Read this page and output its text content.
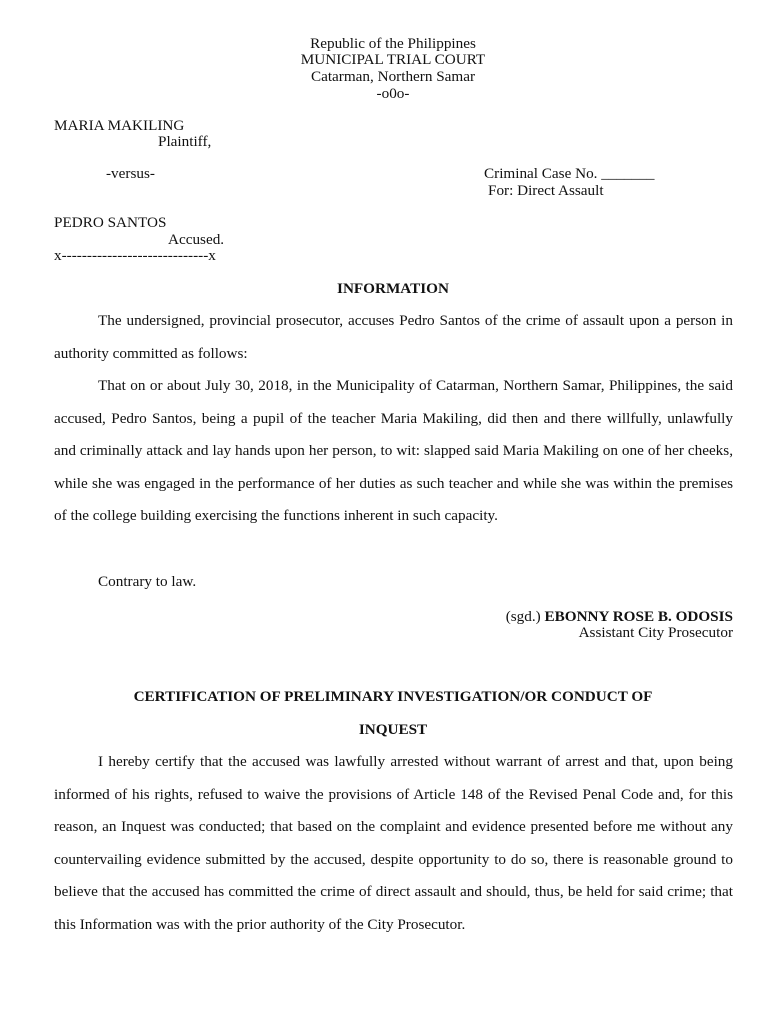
Republic of the Philippines
MUNICIPAL TRIAL COURT
Catarman, Northern Samar
-o0o-
MARIA MAKILING
Plaintiff,
-versus-	Criminal Case No. _______
For: Direct Assault
PEDRO SANTOS
Accused.
x-----------------------------x
INFORMATION

The undersigned, provincial prosecutor, accuses Pedro Santos of the crime of assault upon a person in authority committed as follows:

That on or about July 30, 2018, in the Municipality of Catarman, Northern Samar, Philippines, the said accused, Pedro Santos, being a pupil of the teacher Maria Makiling, did then and there willfully, unlawfully and criminally attack and lay hands upon her person, to wit: slapped said Maria Makiling on one of her cheeks, while she was engaged in the performance of her duties as such teacher and while she was within the premises of the college building exercising the functions inherent in such capacity.

Contrary to law.

(sgd.) EBONNY ROSE B. ODOSIS
Assistant City Prosecutor
CERTIFICATION OF PRELIMINARY INVESTIGATION/OR CONDUCT OF
INQUEST

I hereby certify that the accused was lawfully arrested without warrant of arrest and that, upon being informed of his rights, refused to waive the provisions of Article 148 of the Revised Penal Code and, for this reason, an Inquest was conducted; that based on the complaint and evidence presented before me without any countervailing evidence submitted by the accused, despite opportunity to do so, there is reasonable ground to believe that the accused has committed the crime of direct assault and should, thus, be held for said crime; that this Information was with the prior authority of the City Prosecutor.
